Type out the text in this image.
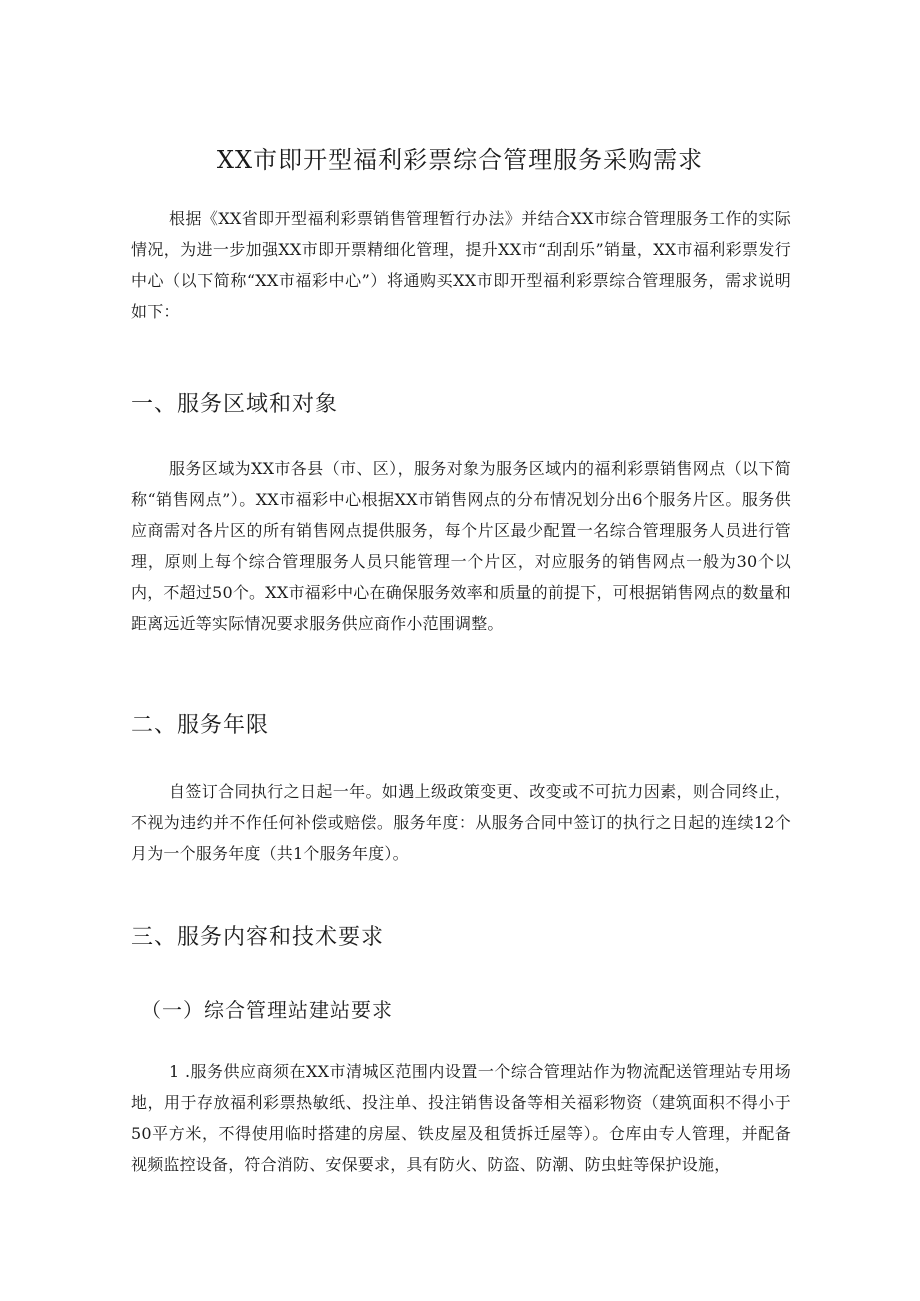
XX市即开型福利彩票综合管理服务采购需求

根据《XX省即开型福利彩票销售管理暂行办法》并结合XX市综合管理服务工作的实际情况，为进一步加强XX市即开票精细化管理，提升XX市“刮刮乐”销量，XX市福利彩票发行中心（以下简称“XX市福彩中心”）将通购买XX市即开型福利彩票综合管理服务，需求说明如下：

一、服务区域和对象

服务区域为XX市各县（市、区），服务对象为服务区域内的福利彩票销售网点（以下简称“销售网点”）。XX市福彩中心根据XX市销售网点的分布情况划分出6个服务片区。服务供应商需对各片区的所有销售网点提供服务，每个片区最少配置一名综合管理服务人员进行管理，原则上每个综合管理服务人员只能管理一个片区，对应服务的销售网点一般为30个以内，不超过50个。XX市福彩中心在确保服务效率和质量的前提下，可根据销售网点的数量和距离远近等实际情况要求服务供应商作小范围调整。

二、服务年限

自签订合同执行之日起一年。如遇上级政策变更、改变或不可抗力因素，则合同终止，不视为违约并不作任何补偿或赔偿。服务年度：从服务合同中签订的执行之日起的连续12个月为一个服务年度（共1个服务年度）。

三、服务内容和技术要求
（一）综合管理站建站要求

1 .服务供应商须在XX市清城区范围内设置一个综合管理站作为物流配送管理站专用场地，用于存放福利彩票热敏纸、投注单、投注销售设备等相关福彩物资（建筑面积不得小于50平方米，不得使用临时搭建的房屋、铁皮屋及租赁拆迁屋等）。仓库由专人管理，并配备视频监控设备，符合消防、安保要求，具有防火、防盗、防潮、防虫蛀等保护设施，
